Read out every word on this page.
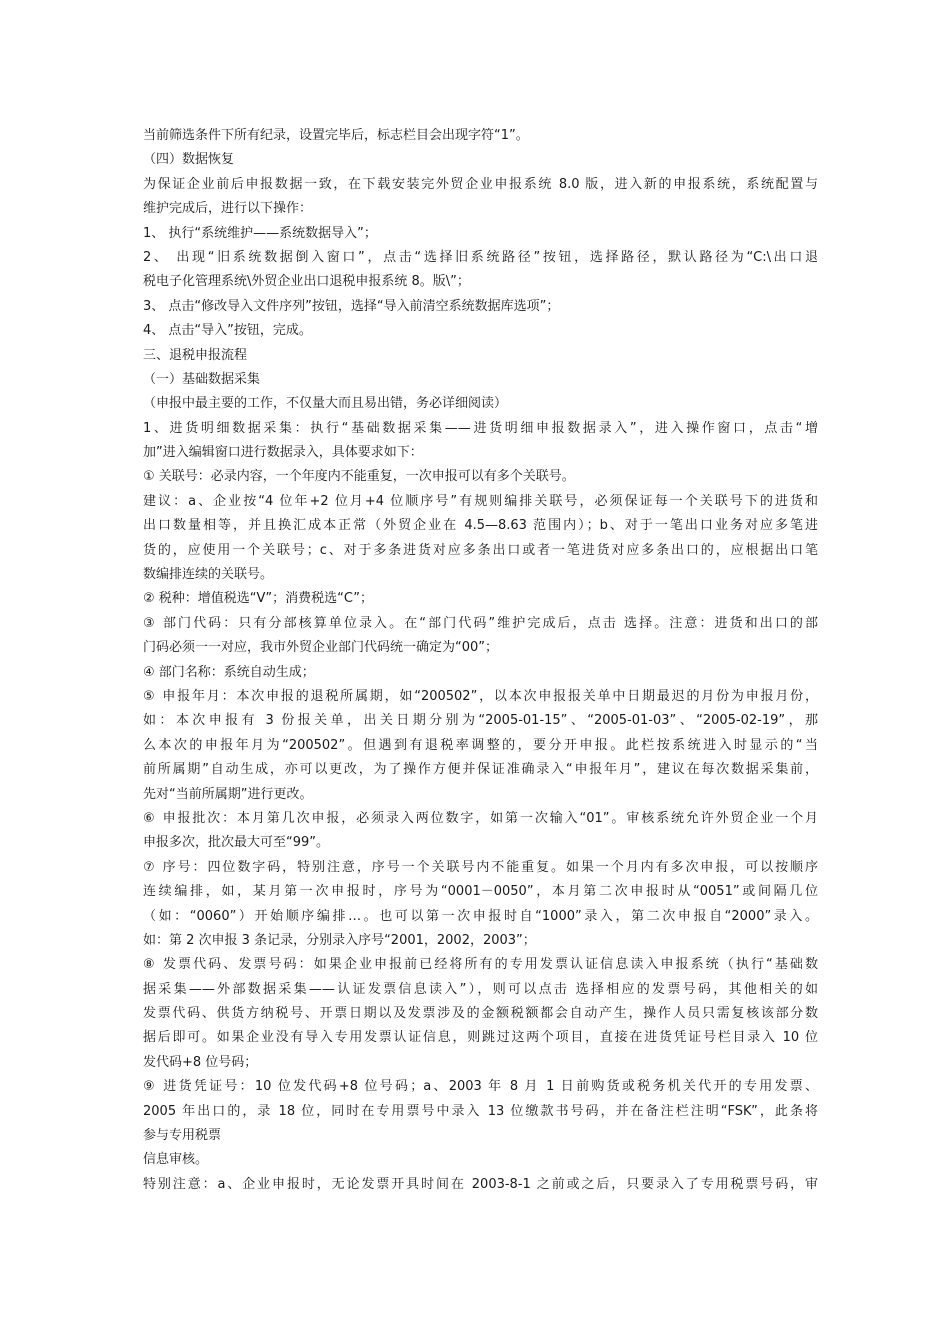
当前筛选条件下所有纪录，设置完毕后，标志栏目会出现字符“1”。
（四）数据恢复
为保证企业前后申报数据一致，在下载安装完外贸企业申报系统 8.0 版，进入新的申报系统，系统配置与
维护完成后，进行以下操作：
1、 执行“系统维护——系统数据导入”；
2、 出现“旧系统数据倒入窗口”，点击“选择旧系统路径”按钮，选择路径，默认路径为“C:\出口退
税电子化管理系统\外贸企业出口退税申报系统 8。版\”；
3、 点击“修改导入文件序列”按钮，选择“导入前清空系统数据库选项”；
4、 点击“导入”按钮，完成。
三、退税申报流程
（一）基础数据采集
（申报中最主要的工作，不仅量大而且易出错，务必详细阅读）
1、进货明细数据采集：执行“基础数据采集——进货明细申报数据录入”，进入操作窗口，点击“增
加”进入编辑窗口进行数据录入，具体要求如下：
① 关联号：必录内容，一个年度内不能重复，一次申报可以有多个关联号。
建议：a、企业按“4 位年+2 位月+4 位顺序号”有规则编排关联号，必须保证每一个关联号下的进货和
出口数量相等，并且换汇成本正常（外贸企业在 4.5—8.63 范围内）；b、对于一笔出口业务对应多笔进
货的，应使用一个关联号；c、对于多条进货对应多条出口或者一笔进货对应多条出口的，应根据出口笔
数编排连续的关联号。
② 税种：增值税选“V”；消费税选“C”；
③ 部门代码：只有分部核算单位录入。在“部门代码”维护完成后，点击 选择。注意：进货和出口的部
门码必须一一对应，我市外贸企业部门代码统一确定为“00”；
④ 部门名称：系统自动生成；
⑤ 申报年月：本次申报的退税所属期，如“200502”，以本次申报报关单中日期最迟的月份为申报月份，
如：本次申报有 3 份报关单，出关日期分别为“2005-01-15”、“2005-01-03”、“2005-02-19”，那
么本次的申报年月为“200502”。但遇到有退税率调整的，要分开申报。此栏按系统进入时显示的“当
前所属期”自动生成，亦可以更改，为了操作方便并保证准确录入“申报年月”，建议在每次数据采集前，
先对“当前所属期”进行更改。
⑥ 申报批次：本月第几次申报，必须录入两位数字，如第一次输入“01”。审核系统允许外贸企业一个月
申报多次，批次最大可至“99”。
⑦ 序号：四位数字码，特别注意，序号一个关联号内不能重复。如果一个月内有多次申报，可以按顺序
连续编排，如，某月第一次申报时，序号为“0001－0050”，本月第二次申报时从“0051”或间隔几位
（如：“0060”）开始顺序编排…。也可以第一次申报时自“1000”录入，第二次申报自“2000”录入。
如：第 2 次申报 3 条记录，分别录入序号“2001，2002，2003”；
⑧ 发票代码、发票号码：如果企业申报前已经将所有的专用发票认证信息读入申报系统（执行“基础数
据采集——外部数据采集——认证发票信息读入”），则可以点击 选择相应的发票号码，其他相关的如
发票代码、供货方纳税号、开票日期以及发票涉及的金额税额都会自动产生，操作人员只需复核该部分数
据后即可。如果企业没有导入专用发票认证信息，则跳过这两个项目，直接在进货凭证号栏目录入 10 位
发代码+8 位号码；
⑨ 进货凭证号：10 位发代码+8 位号码；a、2003 年 8 月 1 日前购货或税务机关代开的专用发票、
2005 年出口的，录 18 位，同时在专用票号中录入 13 位缴款书号码，并在备注栏注明“FSK”，此条将
参与专用税票
信息审核。
特别注意：a、企业申报时，无论发票开具时间在 2003-8-1 之前或之后，只要录入了专用税票号码，审
